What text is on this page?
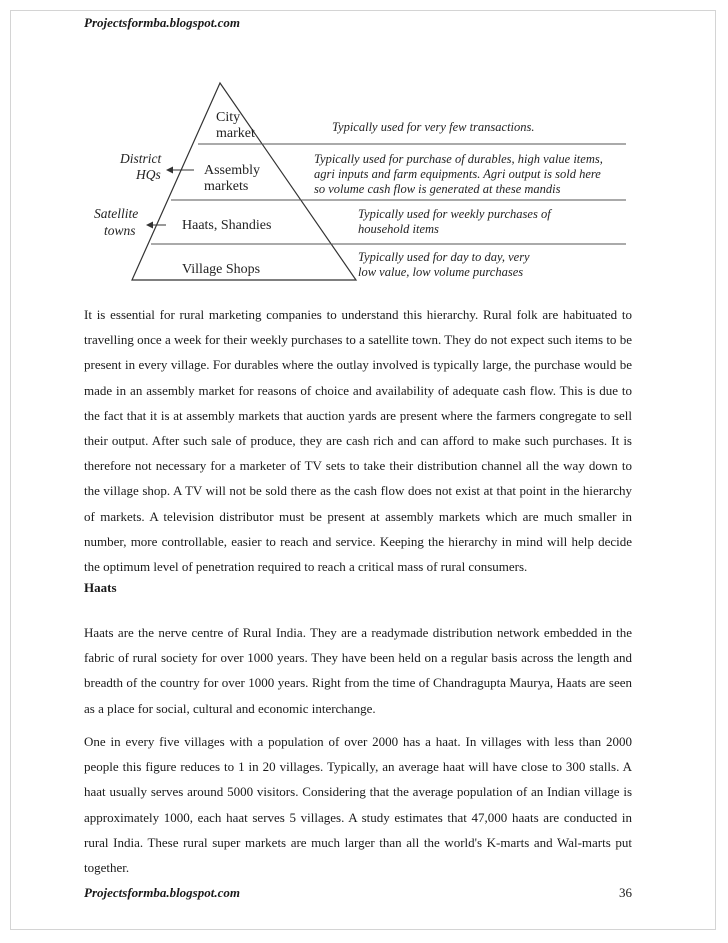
Projectsformba.blogspot.com
City
market
Assembly
markets
Haats, Shandies
Village Shops
District
HQs
Satellite
towns
Typically used for very few transactions.
Typically used for purchase of durables, high value items,
agri inputs and farm equipments. Agri output is sold here
so volume cash flow is generated at these mandis
Typically used for weekly purchases of
household items
Typically used for day to day, very
low value, low volume purchases

It is essential for rural marketing companies to understand this hierarchy. Rural folk are habituated to travelling once a week for their weekly purchases to a satellite town. They do not expect such items to be present in every village. For durables where the outlay involved is typically large, the purchase would be made in an assembly market for reasons of choice and availability of adequate cash flow. This is due to the fact that it is at assembly markets that auction yards are present where the farmers congregate to sell their output. After such sale of produce, they are cash rich and can afford to make such purchases. It is therefore not necessary for a marketer of TV sets to take their distribution channel all the way down to the village shop. A TV will not be sold there as the cash flow does not exist at that point in the hierarchy of markets. A television distributor must be present at assembly markets which are much smaller in number, more controllable, easier to reach and service. Keeping the hierarchy in mind will help decide the optimum level of penetration required to reach a critical mass of rural consumers.

Haats

Haats are the nerve centre of Rural India. They are a readymade distribution network embedded in the fabric of rural society for over 1000 years. They have been held on a regular basis across the length and breadth of the country for over 1000 years. Right from the time of Chandragupta Maurya, Haats are seen as a place for social, cultural and economic interchange.

One in every five villages with a population of over 2000 has a haat. In villages with less than 2000 people this figure reduces to 1 in 20 villages. Typically, an average haat will have close to 300 stalls. A haat usually serves around 5000 visitors. Considering that the average population of an Indian village is approximately 1000, each haat serves 5 villages. A study estimates that 47,000 haats are conducted in rural India. These rural super markets are much larger than all the world's K-marts and Wal-marts put together.

Projectsformba.blogspot.com	36
